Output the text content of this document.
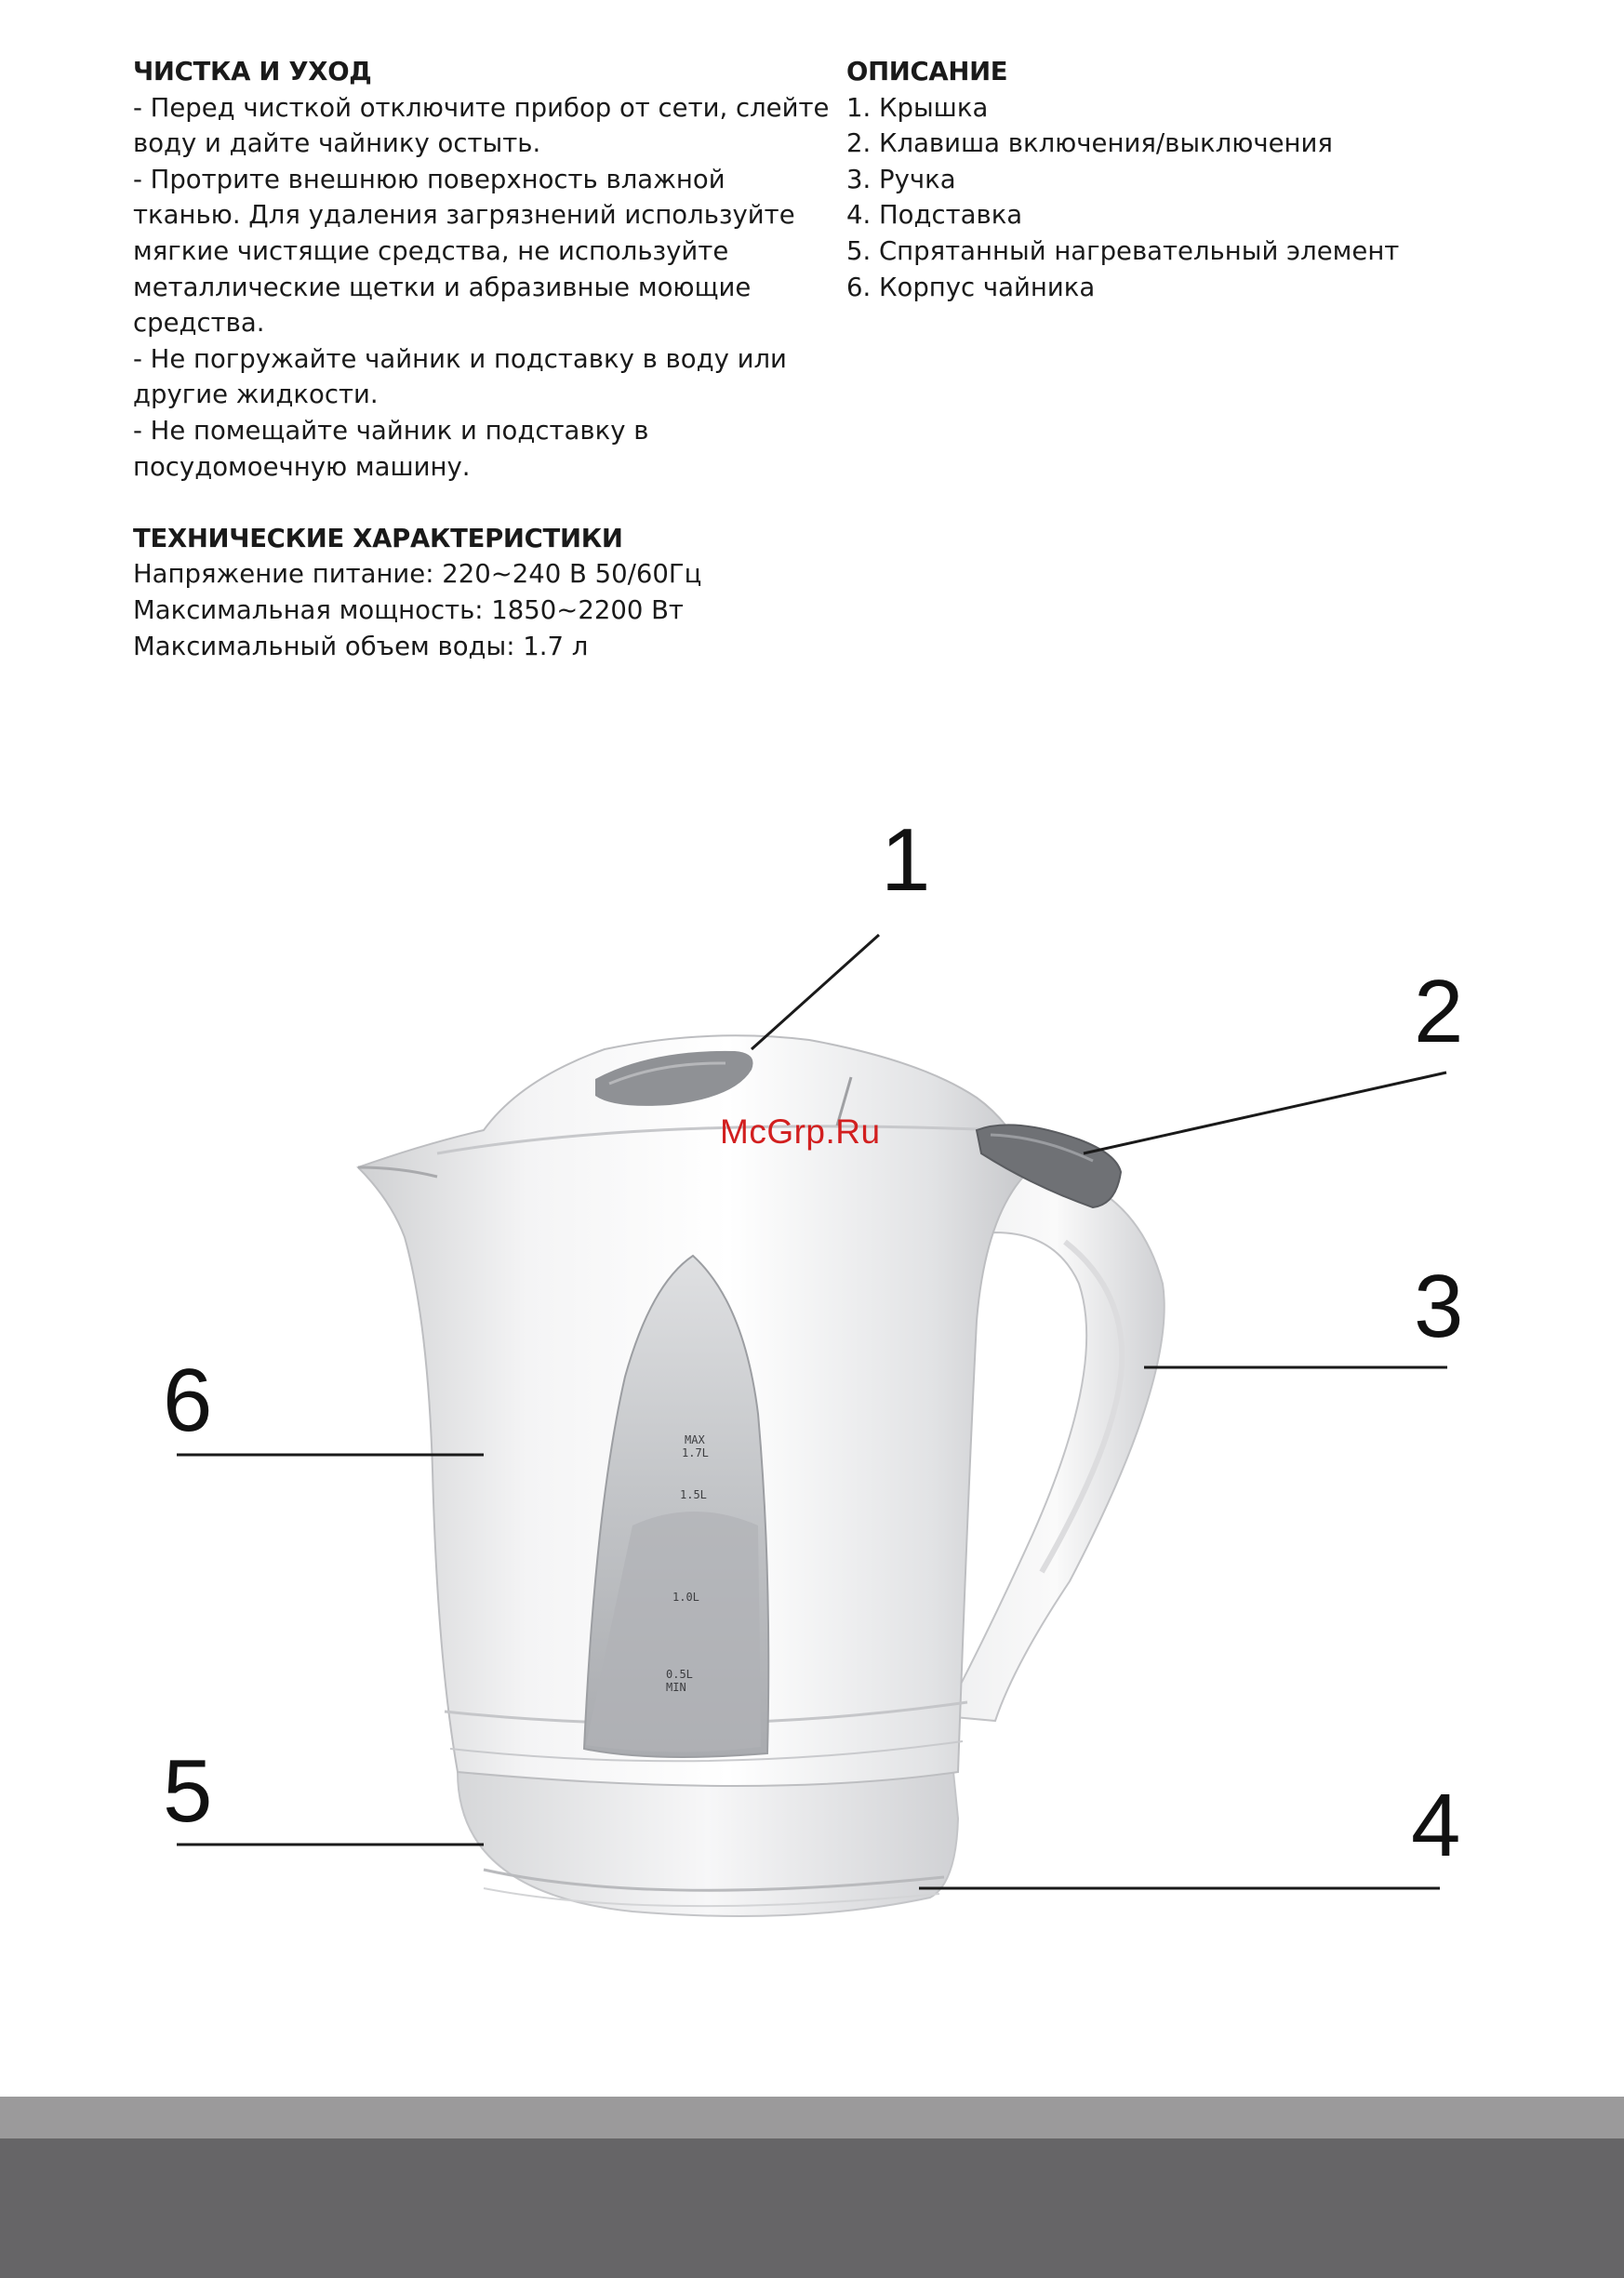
ЧИСТКА И УХОД
- Перед чисткой отключите прибор от сети, слейте
воду и дайте чайнику остыть.
- Протрите внешнюю поверхность влажной
тканью. Для удаления загрязнений используйте
мягкие чистящие средства, не используйте
металлические щетки и абразивные моющие
средства.
- Не погружайте чайник и подставку в воду или
другие жидкости.
- Не помещайте чайник и подставку в
посудомоечную машину.
ТЕХНИЧЕСКИЕ ХАРАКТЕРИСТИКИ
Напряжение питание: 220~240 В 50/60Гц
Максимальная мощность: 1850~2200 Вт
Максимальный объем воды: 1.7 л
ОПИСАНИЕ
1. Крышка
2. Клавиша включения/выключения
3. Ручка
4. Подставка
5. Спрятанный нагревательный элемент
6. Корпус чайника
MAX
1.7L
1.5L
1.0L
0.5L
MIN
1
2
3
4
5
6
McGrp.Ru
